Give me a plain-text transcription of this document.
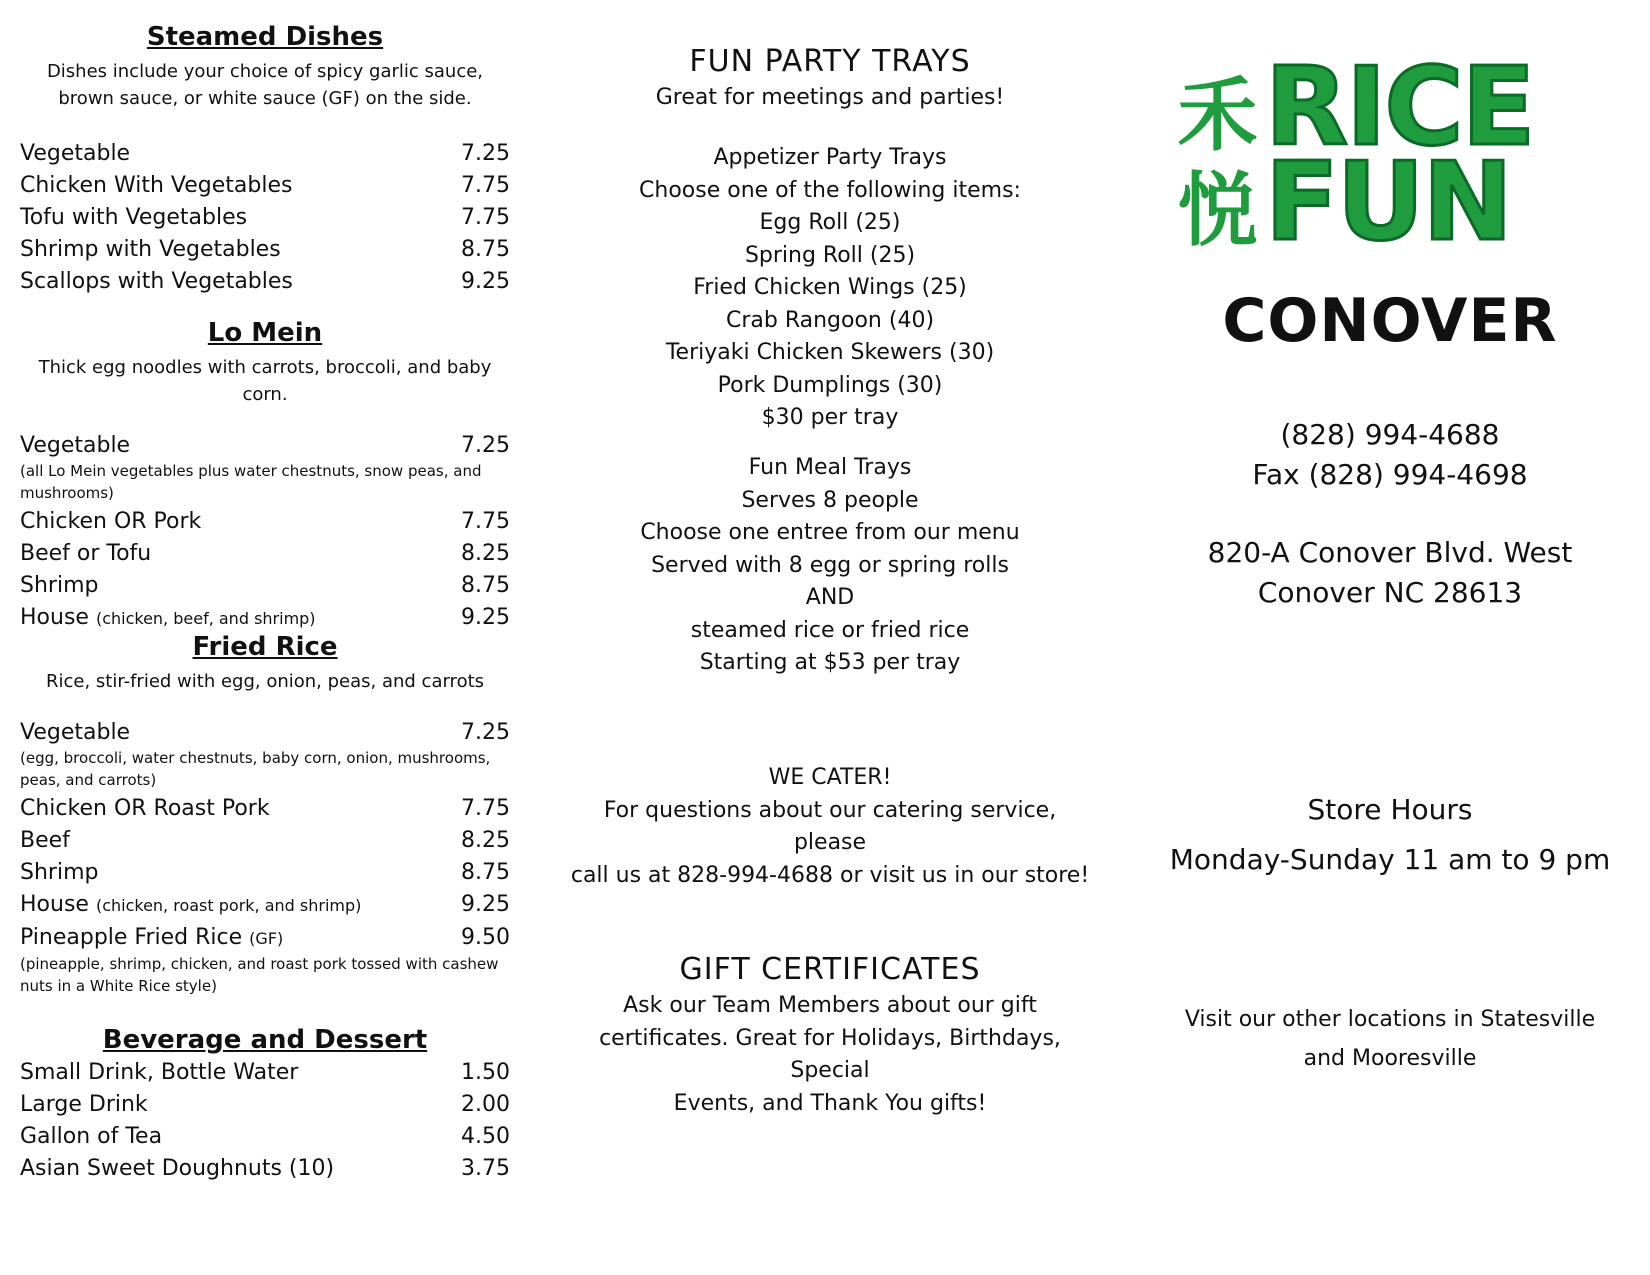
Steamed Dishes

Dishes include your choice of spicy garlic sauce, brown sauce, or white sauce (GF) on the side.

Vegetable	7.25
Chicken With Vegetables	7.75
Tofu with Vegetables	7.75
Shrimp with Vegetables	8.75
Scallops with Vegetables	9.25
Lo Mein

Thick egg noodles with carrots, broccoli, and baby corn.

Vegetable	7.25
(all Lo Mein vegetables plus water chestnuts, snow peas, and mushrooms)
Chicken OR Pork	7.75
Beef or Tofu	8.25
Shrimp	8.75
House (chicken, beef, and shrimp)	9.25
Fried Rice

Rice, stir-fried with egg, onion, peas, and carrots

Vegetable	7.25
(egg, broccoli, water chestnuts, baby corn, onion, mushrooms, peas, and carrots)
Chicken OR Roast Pork	7.75
Beef	8.25
Shrimp	8.75
House (chicken, roast pork, and shrimp)	9.25
Pineapple Fried Rice (GF)	9.50
(pineapple, shrimp, chicken, and roast pork tossed with cashew nuts in a White Rice style)
Beverage and Dessert
Small Drink, Bottle Water	1.50
Large Drink	2.00
Gallon of Tea	4.50
Asian Sweet Doughnuts (10)	3.75
FUN PARTY TRAYS
Great for meetings and parties!
Appetizer Party Trays
Choose one of the following items:
Egg Roll (25)
Spring Roll (25)
Fried Chicken Wings (25)
Crab Rangoon (40)
Teriyaki Chicken Skewers (30)
Pork Dumplings (30)
$30 per tray
Fun Meal Trays
Serves 8 people
Choose one entree from our menu
Served with 8 egg or spring rolls
AND
steamed rice or fried rice
Starting at $53 per tray
WE CATER!
For questions about our catering service, please
call us at 828-994-4688 or visit us in our store!
GIFT CERTIFICATES
Ask our Team Members about our gift
certificates. Great for Holidays, Birthdays, Special
Events, and Thank You gifts!
禾
悦
RICE
FUN
CONOVER
(828) 994-4688
Fax (828) 994-4698
820-A Conover Blvd. West
Conover NC 28613
Store Hours
Monday-Sunday 11 am to 9 pm
Visit our other locations in Statesville
and Mooresville
